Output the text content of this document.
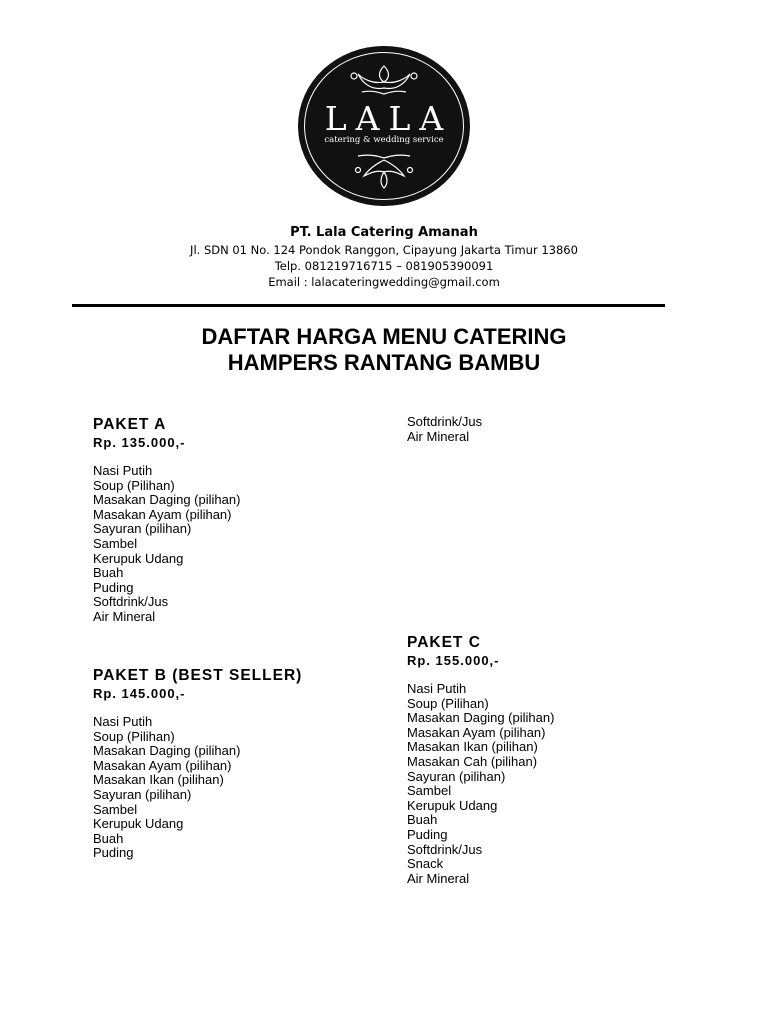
LALA
catering & wedding service
PT. Lala Catering Amanah
Jl. SDN 01 No. 124 Pondok Ranggon, Cipayung Jakarta Timur 13860
Telp. 081219716715 – 081905390091
Email : lalacateringwedding@gmail.com
DAFTAR HARGA MENU CATERING
HAMPERS RANTANG BAMBU
PAKET A
Rp. 135.000,-
Nasi Putih
Soup (Pilihan)
Masakan Daging (pilihan)
Masakan Ayam (pilihan)
Sayuran (pilihan)
Sambel
Kerupuk Udang
Buah
Puding
Softdrink/Jus
Air Mineral
PAKET B (BEST SELLER)
Rp. 145.000,-
Nasi Putih
Soup (Pilihan)
Masakan Daging (pilihan)
Masakan Ayam (pilihan)
Masakan Ikan (pilihan)
Sayuran (pilihan)
Sambel
Kerupuk Udang
Buah
Puding
Softdrink/Jus
Air Mineral
PAKET C
Rp. 155.000,-
Nasi Putih
Soup (Pilihan)
Masakan Daging (pilihan)
Masakan Ayam (pilihan)
Masakan Ikan (pilihan)
Masakan Cah (pilihan)
Sayuran (pilihan)
Sambel
Kerupuk Udang
Buah
Puding
Softdrink/Jus
Snack
Air Mineral
